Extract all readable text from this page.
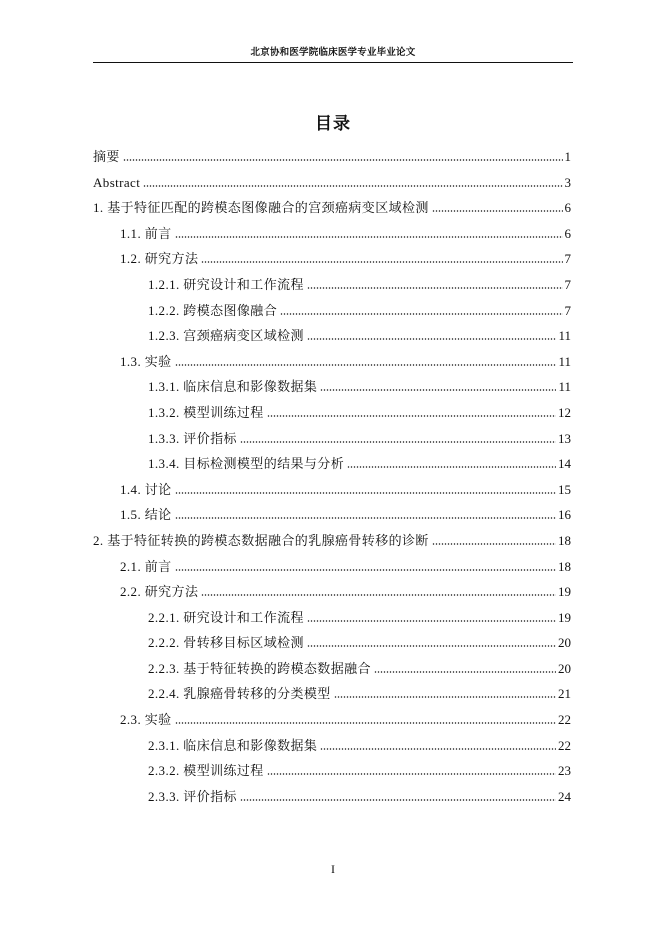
北京协和医学院临床医学专业毕业论文
目录
摘要	1
Abstract	3
1. 基于特征匹配的跨模态图像融合的宫颈癌病变区域检测	6
1.1. 前言	6
1.2. 研究方法	7
1.2.1. 研究设计和工作流程	7
1.2.2. 跨模态图像融合	7
1.2.3. 宫颈癌病变区域检测	11
1.3. 实验	11
1.3.1. 临床信息和影像数据集	11
1.3.2. 模型训练过程	12
1.3.3. 评价指标	13
1.3.4. 目标检测模型的结果与分析	14
1.4. 讨论	15
1.5. 结论	16
2. 基于特征转换的跨模态数据融合的乳腺癌骨转移的诊断	18
2.1. 前言	18
2.2. 研究方法	19
2.2.1. 研究设计和工作流程	19
2.2.2. 骨转移目标区域检测	20
2.2.3. 基于特征转换的跨模态数据融合	20
2.2.4. 乳腺癌骨转移的分类模型	21
2.3. 实验	22
2.3.1. 临床信息和影像数据集	22
2.3.2. 模型训练过程	23
2.3.3. 评价指标	24
I
